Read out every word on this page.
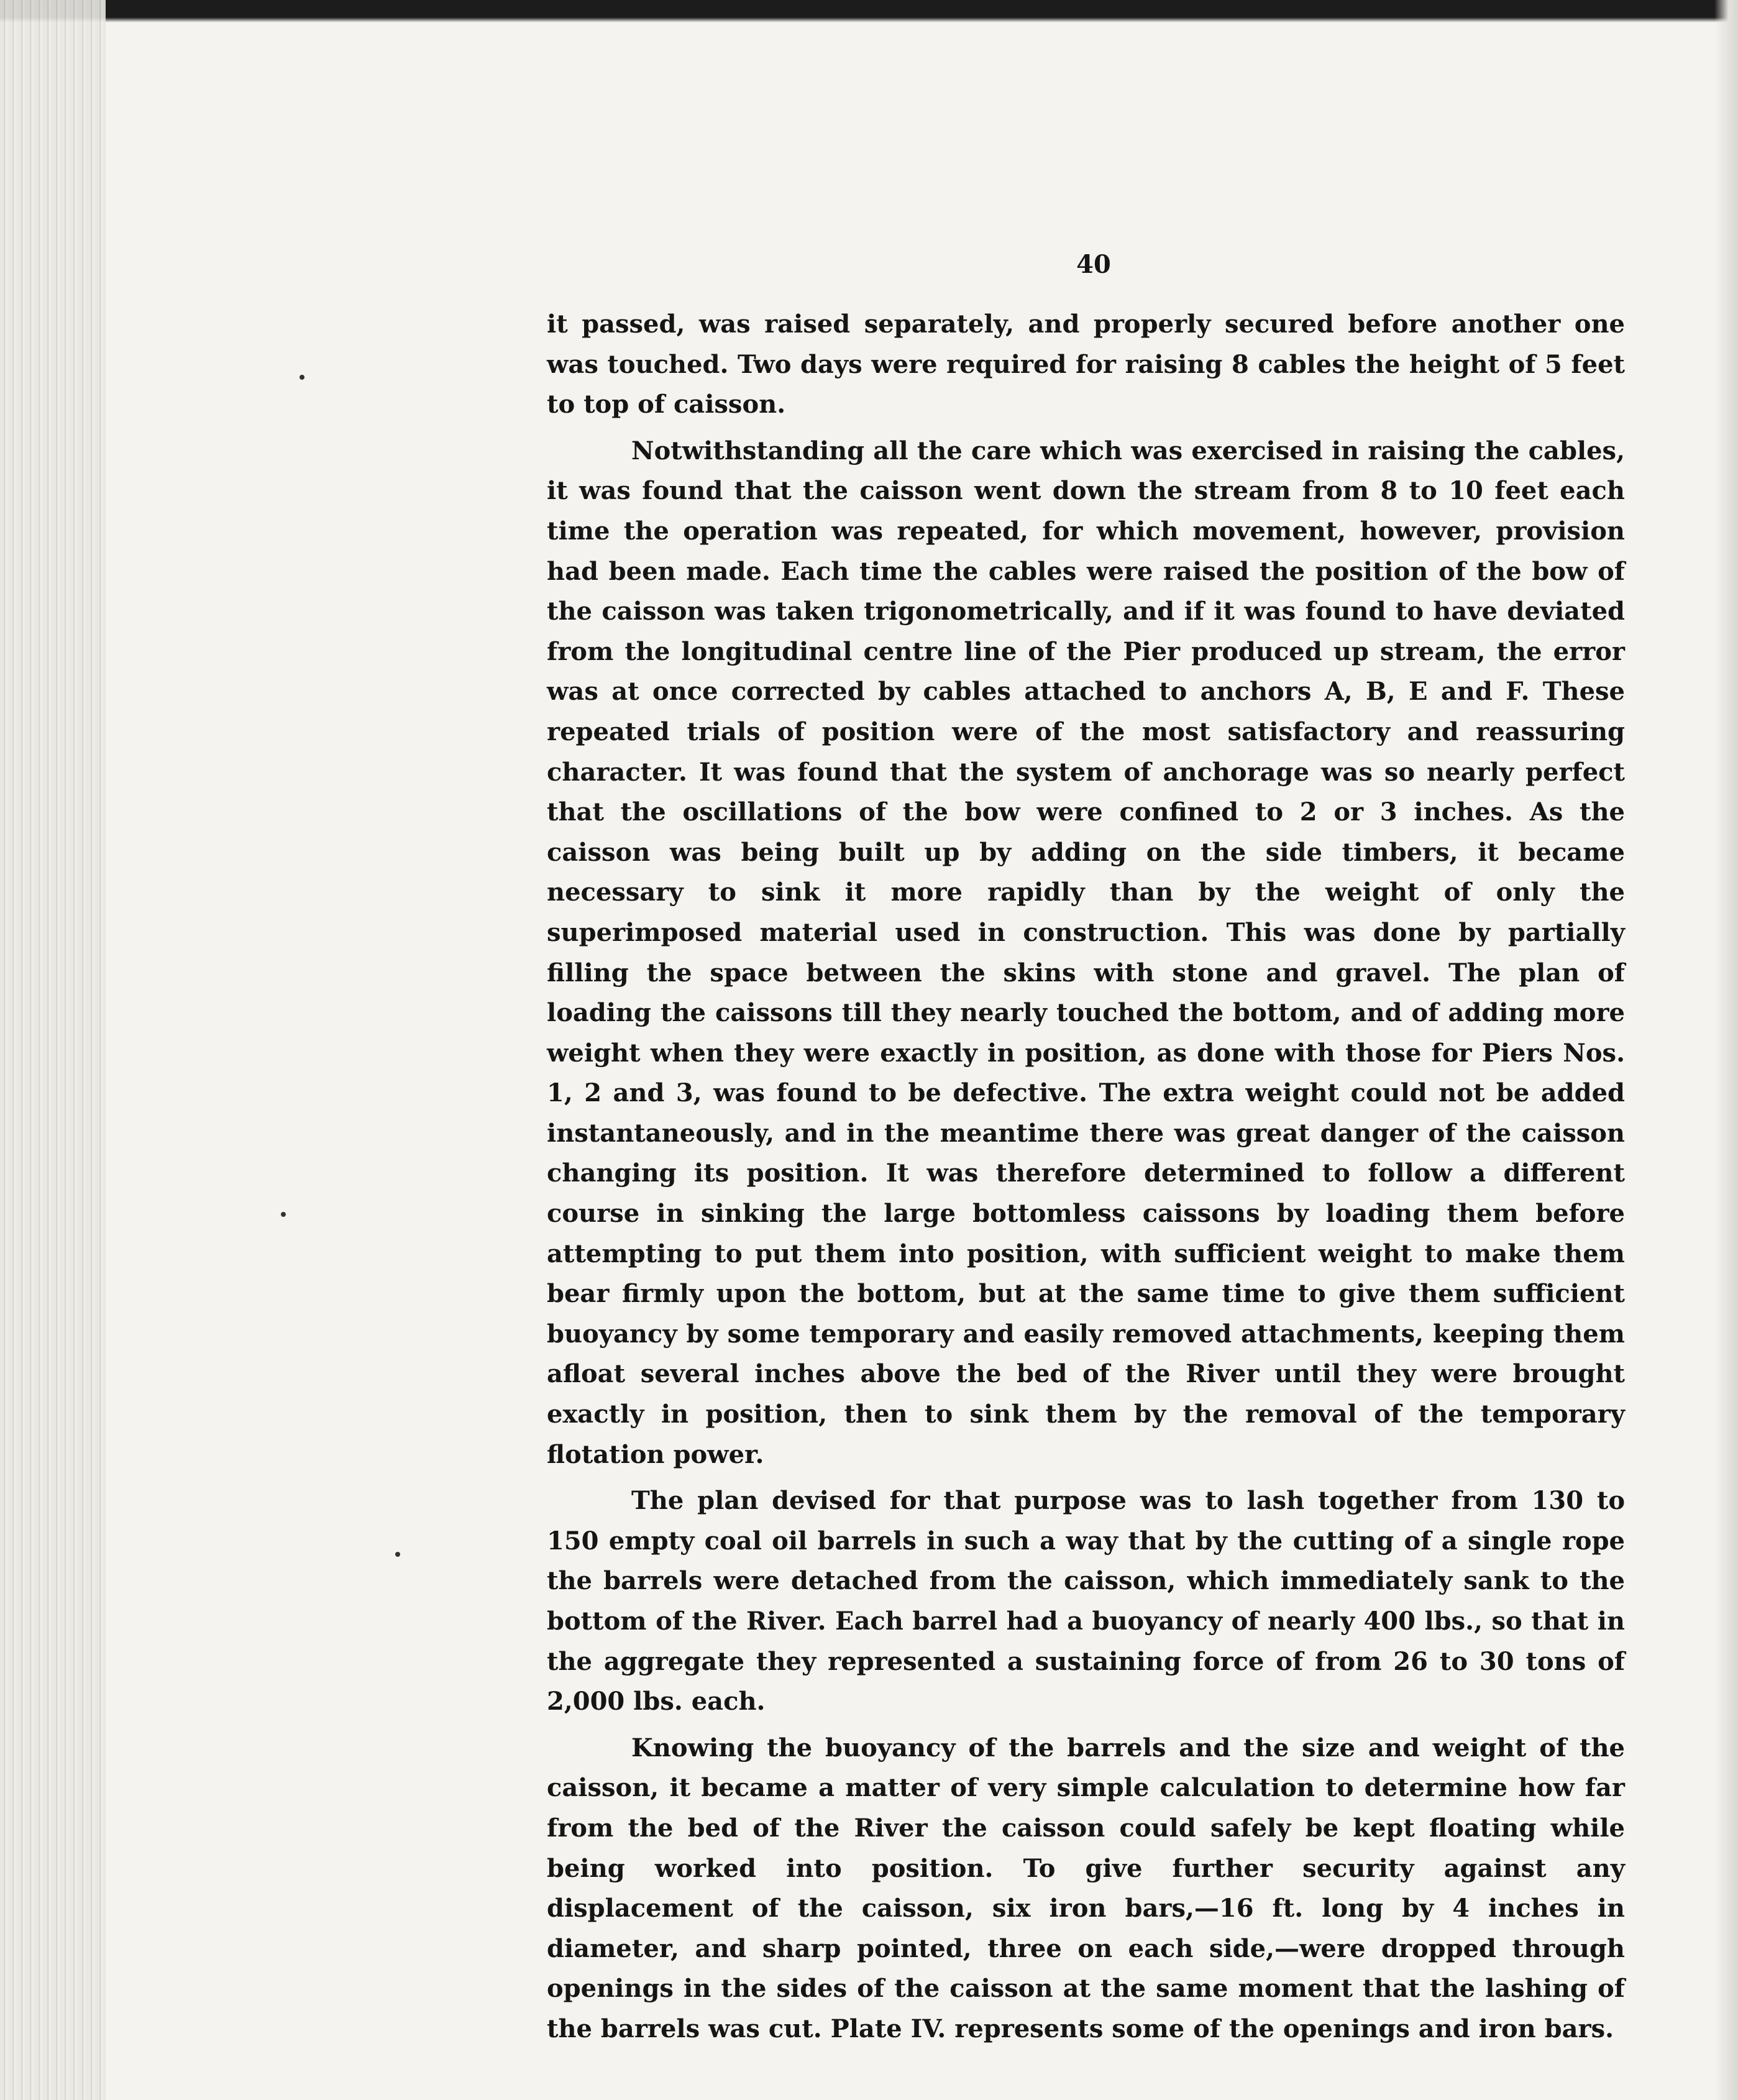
40

it passed, was raised separately, and properly secured before another one was touched. Two days were required for raising 8 cables the height of 5 feet to top of caisson.

Notwithstanding all the care which was exercised in raising the cables, it was found that the caisson went down the stream from 8 to 10 feet each time the operation was repeated, for which movement, however, provision had been made. Each time the cables were raised the position of the bow of the caisson was taken trigonometrically, and if it was found to have deviated from the longitudinal centre line of the Pier produced up stream, the error was at once corrected by cables attached to anchors A, B, E and F. These repeated trials of position were of the most satisfactory and reassuring character. It was found that the system of anchorage was so nearly perfect that the oscillations of the bow were confined to 2 or 3 inches. As the caisson was being built up by adding on the side timbers, it became necessary to sink it more rapidly than by the weight of only the superimposed material used in construction. This was done by partially filling the space between the skins with stone and gravel. The plan of loading the caissons till they nearly touched the bottom, and of adding more weight when they were exactly in position, as done with those for Piers Nos. 1, 2 and 3, was found to be defective. The extra weight could not be added instantaneously, and in the meantime there was great danger of the caisson changing its position. It was therefore determined to follow a different course in sinking the large bottomless caissons by loading them before attempting to put them into position, with sufficient weight to make them bear firmly upon the bottom, but at the same time to give them sufficient buoyancy by some temporary and easily removed attachments, keeping them afloat several inches above the bed of the River until they were brought exactly in position, then to sink them by the removal of the temporary flotation power.

The plan devised for that purpose was to lash together from 130 to 150 empty coal oil barrels in such a way that by the cutting of a single rope the barrels were detached from the caisson, which immediately sank to the bottom of the River. Each barrel had a buoyancy of nearly 400 lbs., so that in the aggregate they represented a sustaining force of from 26 to 30 tons of 2,000 lbs. each.

Knowing the buoyancy of the barrels and the size and weight of the caisson, it became a matter of very simple calculation to determine how far from the bed of the River the caisson could safely be kept floating while being worked into position. To give further security against any displacement of the caisson, six iron bars,—16 ft. long by 4 inches in diameter, and sharp pointed, three on each side,—were dropped through openings in the sides of the caisson at the same moment that the lashing of the barrels was cut. Plate IV. represents some of the openings and iron bars.
